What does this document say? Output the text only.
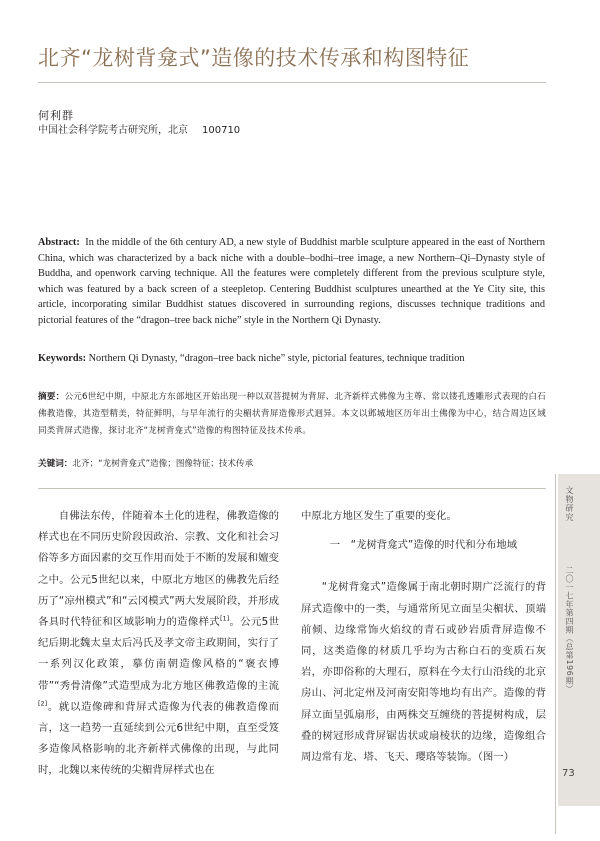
北齐“龙树背龛式”造像的技术传承和构图特征
何利群
中国社会科学院考古研究所，北京 100710
Abstract: In the middle of the 6th century AD, a new style of Buddhist marble sculpture appeared in the east of Northern China, which was characterized by a back niche with a double–bodhi–tree image, a new Northern–Qi–Dynasty style of Buddha, and openwork carving technique. All the features were completely different from the previous sculpture style, which was featured by a back screen of a steepletop. Centering Buddhist sculptures unearthed at the Ye City site, this article, incorporating similar Buddhist statues discovered in surrounding regions, discusses technique traditions and pictorial features of the “dragon–tree back niche” style in the Northern Qi Dynasty.
Keywords: Northern Qi Dynasty, “dragon–tree back niche” style, pictorial features, technique tradition
摘要：公元6世纪中期，中原北方东部地区开始出现一种以双菩提树为背屏、北齐新样式佛像为主尊、常以镂孔透雕形式表现的白石佛教造像，其造型精美，特征鲜明，与早年流行的尖楣状背屏造像形式迥异。本文以邺城地区历年出土佛像为中心，结合周边区域同类背屏式造像，探讨北齐“龙树背龛式”造像的构图特征及技术传承。
关键词：北齐；“龙树背龛式”造像；图像特征；技术传承

自佛法东传，伴随着本土化的进程，佛教造像的样式也在不同历史阶段因政治、宗教、文化和社会习俗等多方面因素的交互作用而处于不断的发展和嬗变之中。公元5世纪以来，中原北方地区的佛教先后经历了“凉州模式”和“云冈模式”两大发展阶段，并形成各具时代特征和区域影响力的造像样式[1]。公元5世纪后期北魏太皇太后冯氏及孝文帝主政期间，实行了一系列汉化政策，摹仿南朝造像风格的“褒衣博带”“秀骨清像”式造型成为北方地区佛教造像的主流[2]。就以造像碑和背屏式造像为代表的佛教造像而言，这一趋势一直延续到公元6世纪中期，直至受笈多造像风格影响的北齐新样式佛像的出现，与此同时，北魏以来传统的尖楣背屏样式也在

中原北方地区发生了重要的变化。

一　“龙树背龛式”造像的时代和分布地域

“龙树背龛式”造像属于南北朝时期广泛流行的背屏式造像中的一类，与通常所见立面呈尖楣状、顶端前倾、边缘常饰火焰纹的青石或砂岩质背屏造像不同，这类造像的材质几乎均为古称白石的变质石灰岩，亦即俗称的大理石，原料在今太行山沿线的北京房山、河北定州及河南安阳等地均有出产。造像的背屏立面呈弧扇形，由两株交互缠绕的菩提树构成，层叠的树冠形成背屏锯齿状或扇棱状的边缘，造像组合周边常有龙、塔、飞天、璎珞等装饰。（图一）

文物研究
二〇一七年第四期（总第196期）
73
